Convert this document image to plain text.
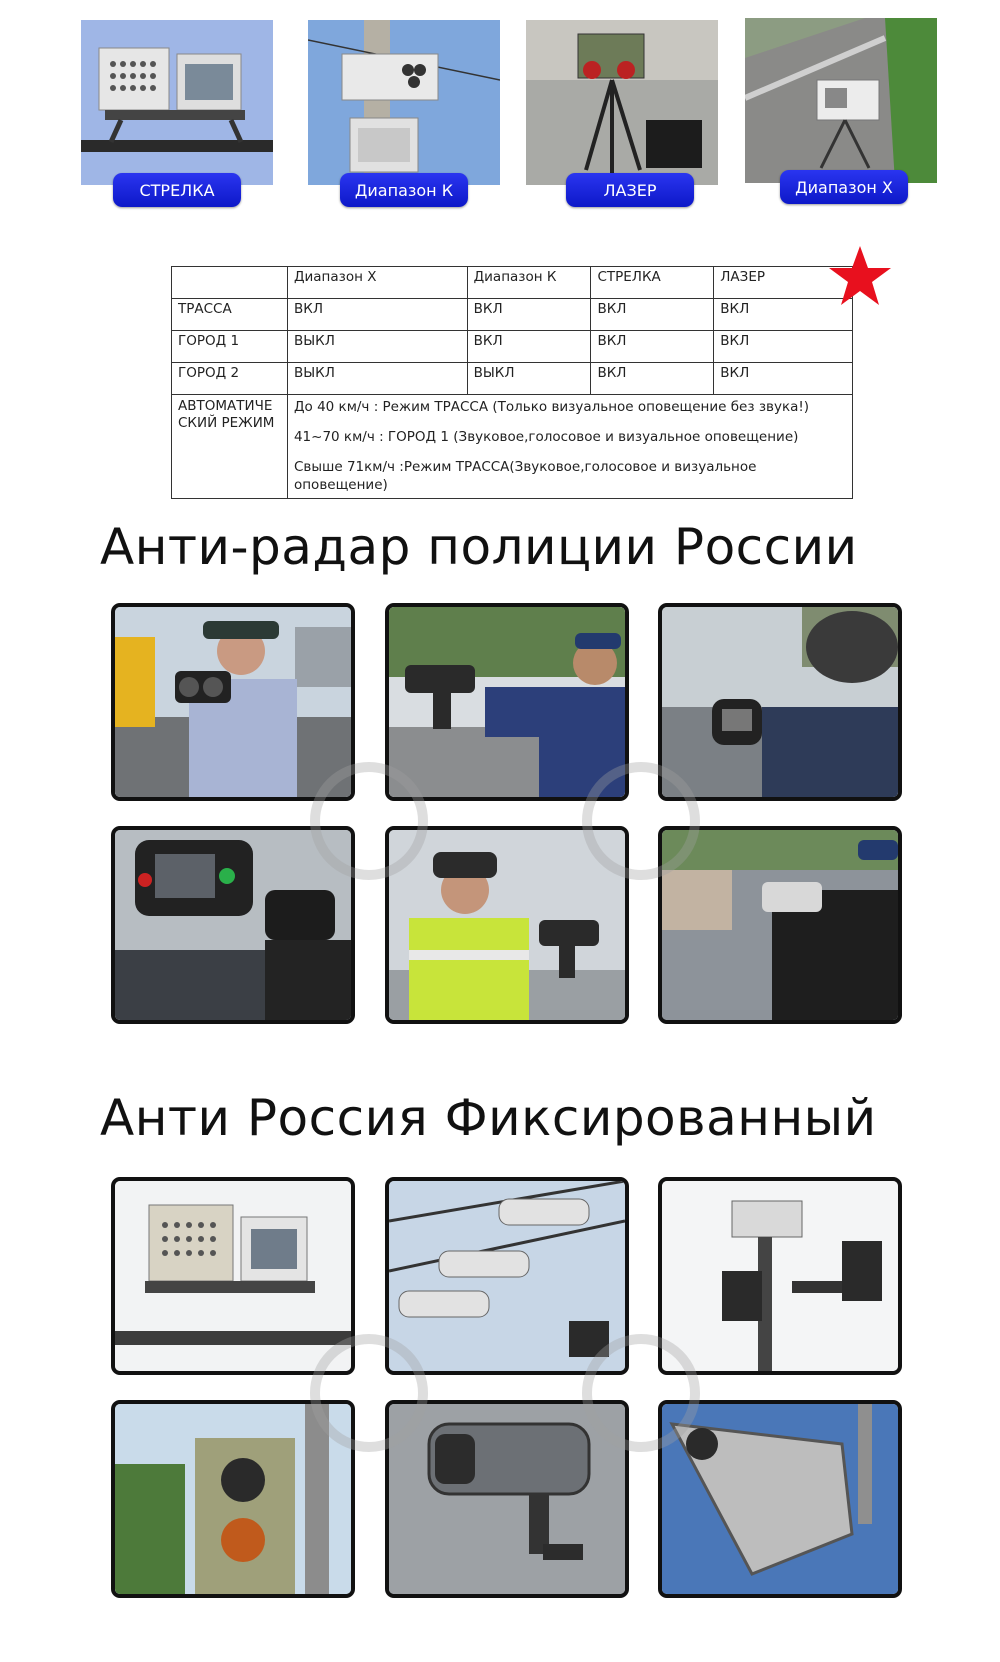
СТРЕЛКА	Диапазон К	ЛАЗЕР	Диапазон Х
	Диапазон X	Диапазон К	СТРЕЛКА	ЛАЗЕР
ТРАССА	ВКЛ	ВКЛ	ВКЛ	ВКЛ
ГОРОД 1	ВЫКЛ	ВКЛ	ВКЛ	ВКЛ
ГОРОД 2	ВЫКЛ	ВЫКЛ	ВКЛ	ВКЛ
АВТОМАТИЧЕ СКИЙ РЕЖИМ	До 40 км/ч : Режим ТРАССА (Только визуальное оповещение без звука!)

41~70 км/ч : ГОРОД 1 (Звуковое,голосовое и визуальное оповещение)

Свыше 71км/ч :Режим ТРАССА(Звуковое,голосовое и визуальное оповещение)			

Анти-радар полиции России
Анти Россия Фиксированный
